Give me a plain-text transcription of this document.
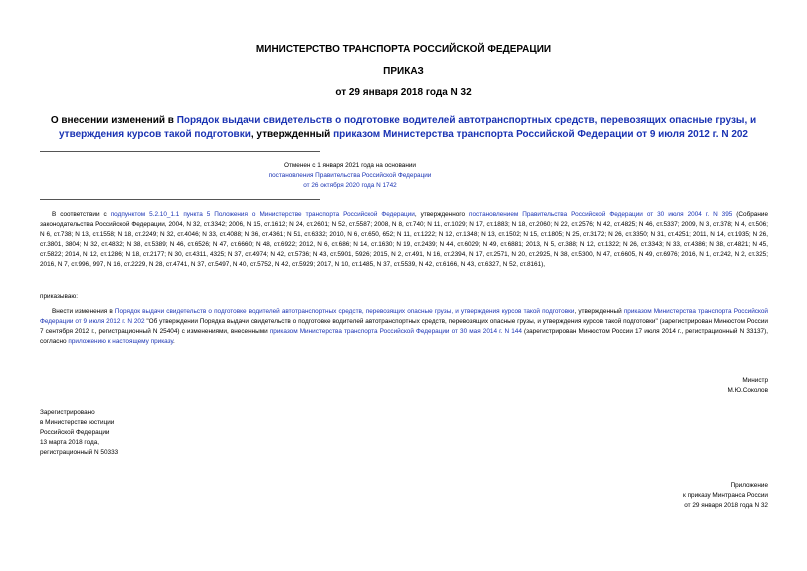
МИНИСТЕРСТВО ТРАНСПОРТА РОССИЙСКОЙ ФЕДЕРАЦИИ
ПРИКАЗ
от 29 января 2018 года N 32
О внесении изменений в Порядок выдачи свидетельств о подготовке водителей автотранспортных средств, перевозящих опасные грузы, и утверждения курсов такой подготовки, утвержденный приказом Министерства транспорта Российской Федерации от 9 июля 2012 г. N 202
Отменен с 1 января 2021 года на основании
постановления Правительства Российской Федерации
от 26 октября 2020 года N 1742
В соответствии с подпунктом 5.2.10_1.1 пункта 5 Положения о Министерстве транспорта Российской Федерации, утвержденного постановлением Правительства Российской Федерации от 30 июля 2004 г. N 395 (Собрание законодательства Российской Федерации, 2004, N 32, ст.3342; 2006, N 15, ст.1612; N 24, ст.2601; N 52, ст.5587; 2008, N 8, ст.740; N 11, ст.1029; N 17, ст.1883; N 18, ст.2060; N 22, ст.2576; N 42, ст.4825; N 46, ст.5337; 2009, N 3, ст.378; N 4, ст.506; N 6, ст.738; N 13, ст.1558; N 18, ст.2249; N 32, ст.4046; N 33, ст.4088; N 36, ст.4361; N 51, ст.6332; 2010, N 6, ст.650, 652; N 11, ст.1222; N 12, ст.1348; N 13, ст.1502; N 15, ст.1805; N 25, ст.3172; N 26, ст.3350; N 31, ст.4251; 2011, N 14, ст.1935; N 26, ст.3801, 3804; N 32, ст.4832; N 38, ст.5389; N 46, ст.6526; N 47, ст.6660; N 48, ст.6922; 2012, N 6, ст.686; N 14, ст.1630; N 19, ст.2439; N 44, ст.6029; N 49, ст.6881; 2013, N 5, ст.388; N 12, ст.1322; N 26, ст.3343; N 33, ст.4386; N 38, ст.4821; N 45, ст.5822; 2014, N 12, ст.1286; N 18, ст.2177; N 30, ст.4311, 4325; N 37, ст.4974; N 42, ст.5736; N 43, ст.5901, 5926; 2015, N 2, ст.491, N 16, ст.2394, N 17, ст.2571, N 20, ст.2925, N 38, ст.5300, N 47, ст.6605, N 49, ст.6976; 2016, N 1, ст.242, N 2, ст.325; 2016, N 7, ст.996, 997, N 16, ст.2229, N 28, ст.4741, N 37, ст.5497, N 40, ст.5752, N 42, ст.5929; 2017, N 10, ст.1485, N 37, ст.5539, N 42, ст.6166, N 43, ст.6327, N 52, ст.8161),
приказываю:
Внести изменения в Порядок выдачи свидетельств о подготовке водителей автотранспортных средств, перевозящих опасные грузы, и утверждения курсов такой подготовки, утвержденный приказом Министерства транспорта Российской Федерации от 9 июля 2012 г. N 202 "Об утверждении Порядка выдачи свидетельств о подготовке водителей автотранспортных средств, перевозящих опасные грузы, и утверждения курсов такой подготовки" (зарегистрирован Минюстом России 7 сентября 2012 г., регистрационный N 25404) с изменениями, внесенными приказом Министерства транспорта Российской Федерации от 30 мая 2014 г. N 144 (зарегистрирован Минюстом России 17 июля 2014 г., регистрационный N 33137), согласно приложению к настоящему приказу.
Министр
М.Ю.Соколов
Зарегистрировано
в Министерстве юстиции
Российской Федерации
13 марта 2018 года,
регистрационный N 50333
Приложение
к приказу Минтранса России
от 29 января 2018 года N 32
